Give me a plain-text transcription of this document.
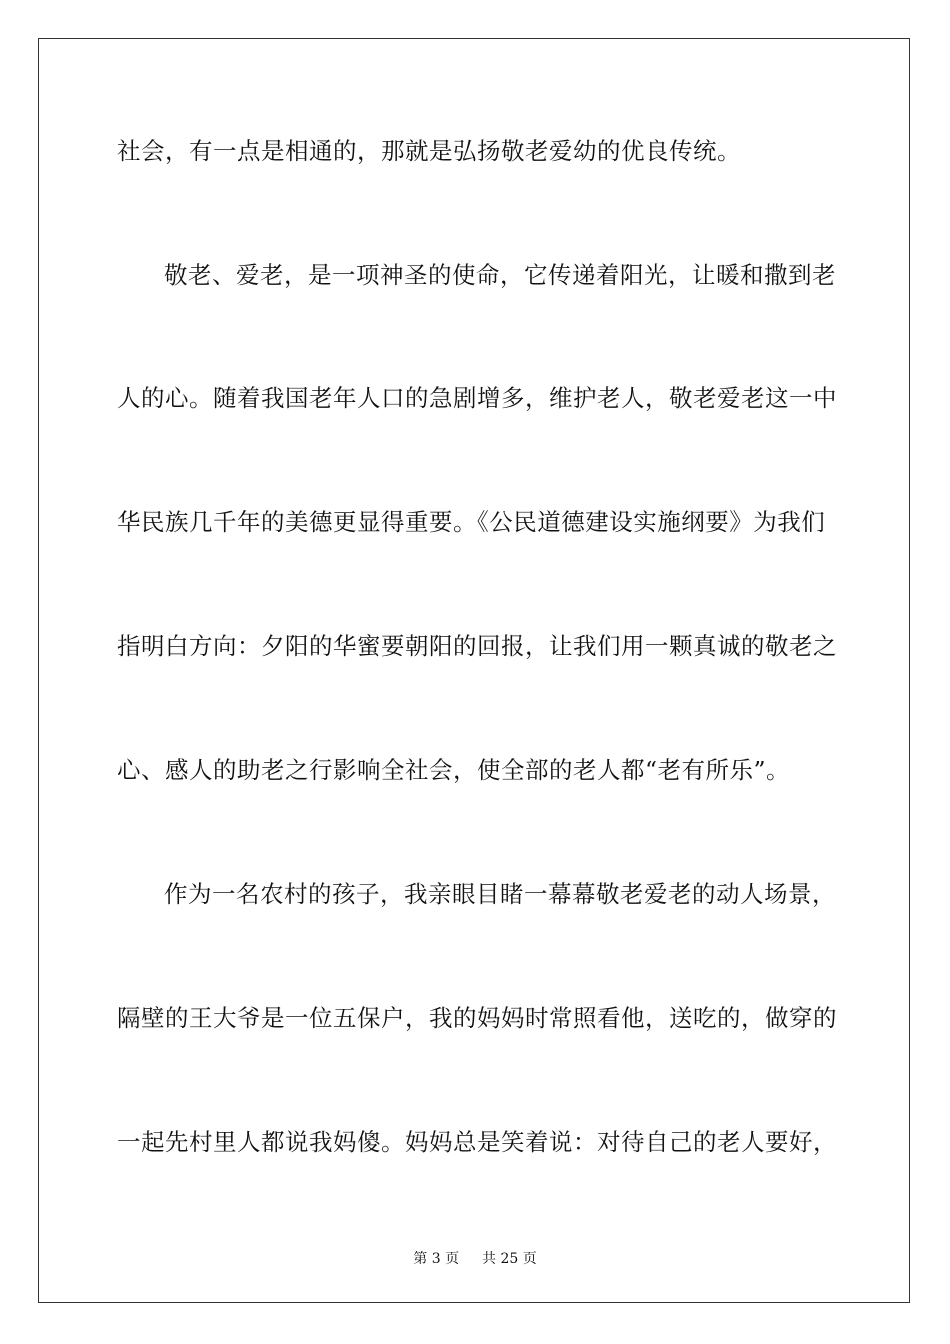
社会，有一点是相通的，那就是弘扬敬老爱幼的优良传统。
敬老、爱老，是一项神圣的使命，它传递着阳光，让暖和撒到老
人的心。随着我国老年人口的急剧增多，维护老人，敬老爱老这一中
华民族几千年的美德更显得重要。《公民道德建设实施纲要》为我们
指明白方向：夕阳的华蜜要朝阳的回报，让我们用一颗真诚的敬老之
心、感人的助老之行影响全社会，使全部的老人都“老有所乐”。
作为一名农村的孩子，我亲眼目睹一幕幕敬老爱老的动人场景，
隔壁的王大爷是一位五保户，我的妈妈时常照看他，送吃的，做穿的
一起先村里人都说我妈傻。妈妈总是笑着说：对待自己的老人要好，
第 3 页 共 25 页
